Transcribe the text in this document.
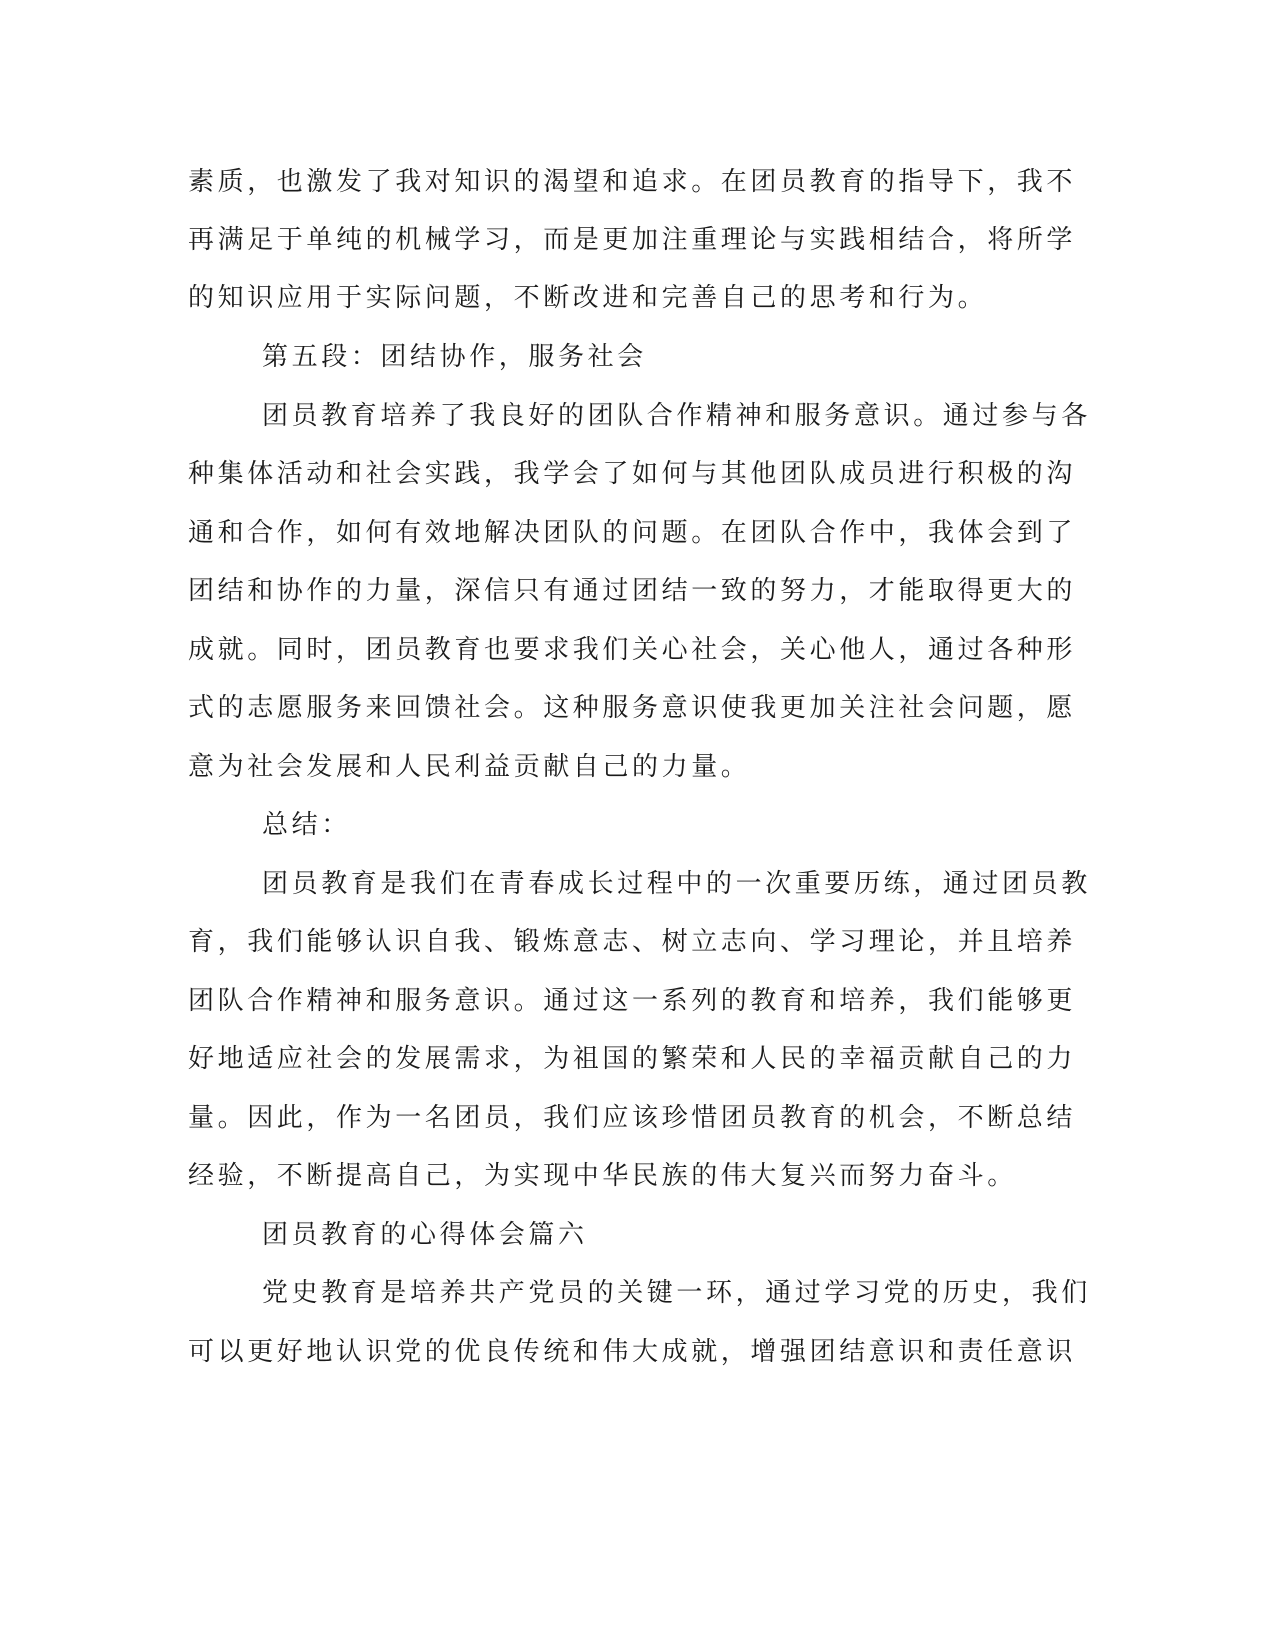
素质，也激发了我对知识的渴望和追求。在团员教育的指导下，我不

再满足于单纯的机械学习，而是更加注重理论与实践相结合，将所学

的知识应用于实际问题，不断改进和完善自己的思考和行为。

第五段：团结协作，服务社会

团员教育培养了我良好的团队合作精神和服务意识。通过参与各

种集体活动和社会实践，我学会了如何与其他团队成员进行积极的沟

通和合作，如何有效地解决团队的问题。在团队合作中，我体会到了

团结和协作的力量，深信只有通过团结一致的努力，才能取得更大的

成就。同时，团员教育也要求我们关心社会，关心他人，通过各种形

式的志愿服务来回馈社会。这种服务意识使我更加关注社会问题，愿

意为社会发展和人民利益贡献自己的力量。

总结：

团员教育是我们在青春成长过程中的一次重要历练，通过团员教

育，我们能够认识自我、锻炼意志、树立志向、学习理论，并且培养

团队合作精神和服务意识。通过这一系列的教育和培养，我们能够更

好地适应社会的发展需求，为祖国的繁荣和人民的幸福贡献自己的力

量。因此，作为一名团员，我们应该珍惜团员教育的机会，不断总结

经验，不断提高自己，为实现中华民族的伟大复兴而努力奋斗。

团员教育的心得体会篇六

党史教育是培养共产党员的关键一环，通过学习党的历史，我们

可以更好地认识党的优良传统和伟大成就，增强团结意识和责任意识
